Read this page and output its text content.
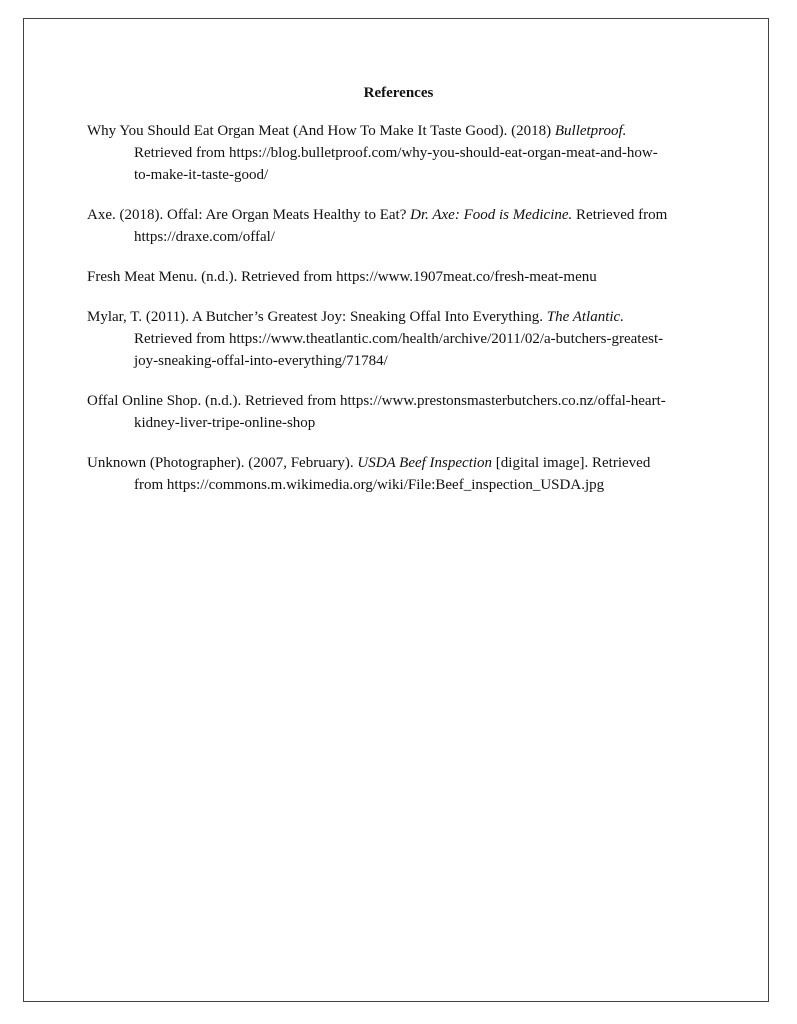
References
Why You Should Eat Organ Meat (And How To Make It Taste Good). (2018) Bulletproof.
Retrieved from https://blog.bulletproof.com/why-you-should-eat-organ-meat-and-how-
to-make-it-taste-good/
Axe. (2018). Offal: Are Organ Meats Healthy to Eat? Dr. Axe: Food is Medicine. Retrieved from
https://draxe.com/offal/
Fresh Meat Menu. (n.d.). Retrieved from https://www.1907meat.co/fresh-meat-menu
Mylar, T. (2011). A Butcher’s Greatest Joy: Sneaking Offal Into Everything. The Atlantic.
Retrieved from https://www.theatlantic.com/health/archive/2011/02/a-butchers-greatest-
joy-sneaking-offal-into-everything/71784/
Offal Online Shop. (n.d.). Retrieved from https://www.prestonsmasterbutchers.co.nz/offal-heart-
kidney-liver-tripe-online-shop
Unknown (Photographer). (2007, February). USDA Beef Inspection [digital image]. Retrieved
from https://commons.m.wikimedia.org/wiki/File:Beef_inspection_USDA.jpg
